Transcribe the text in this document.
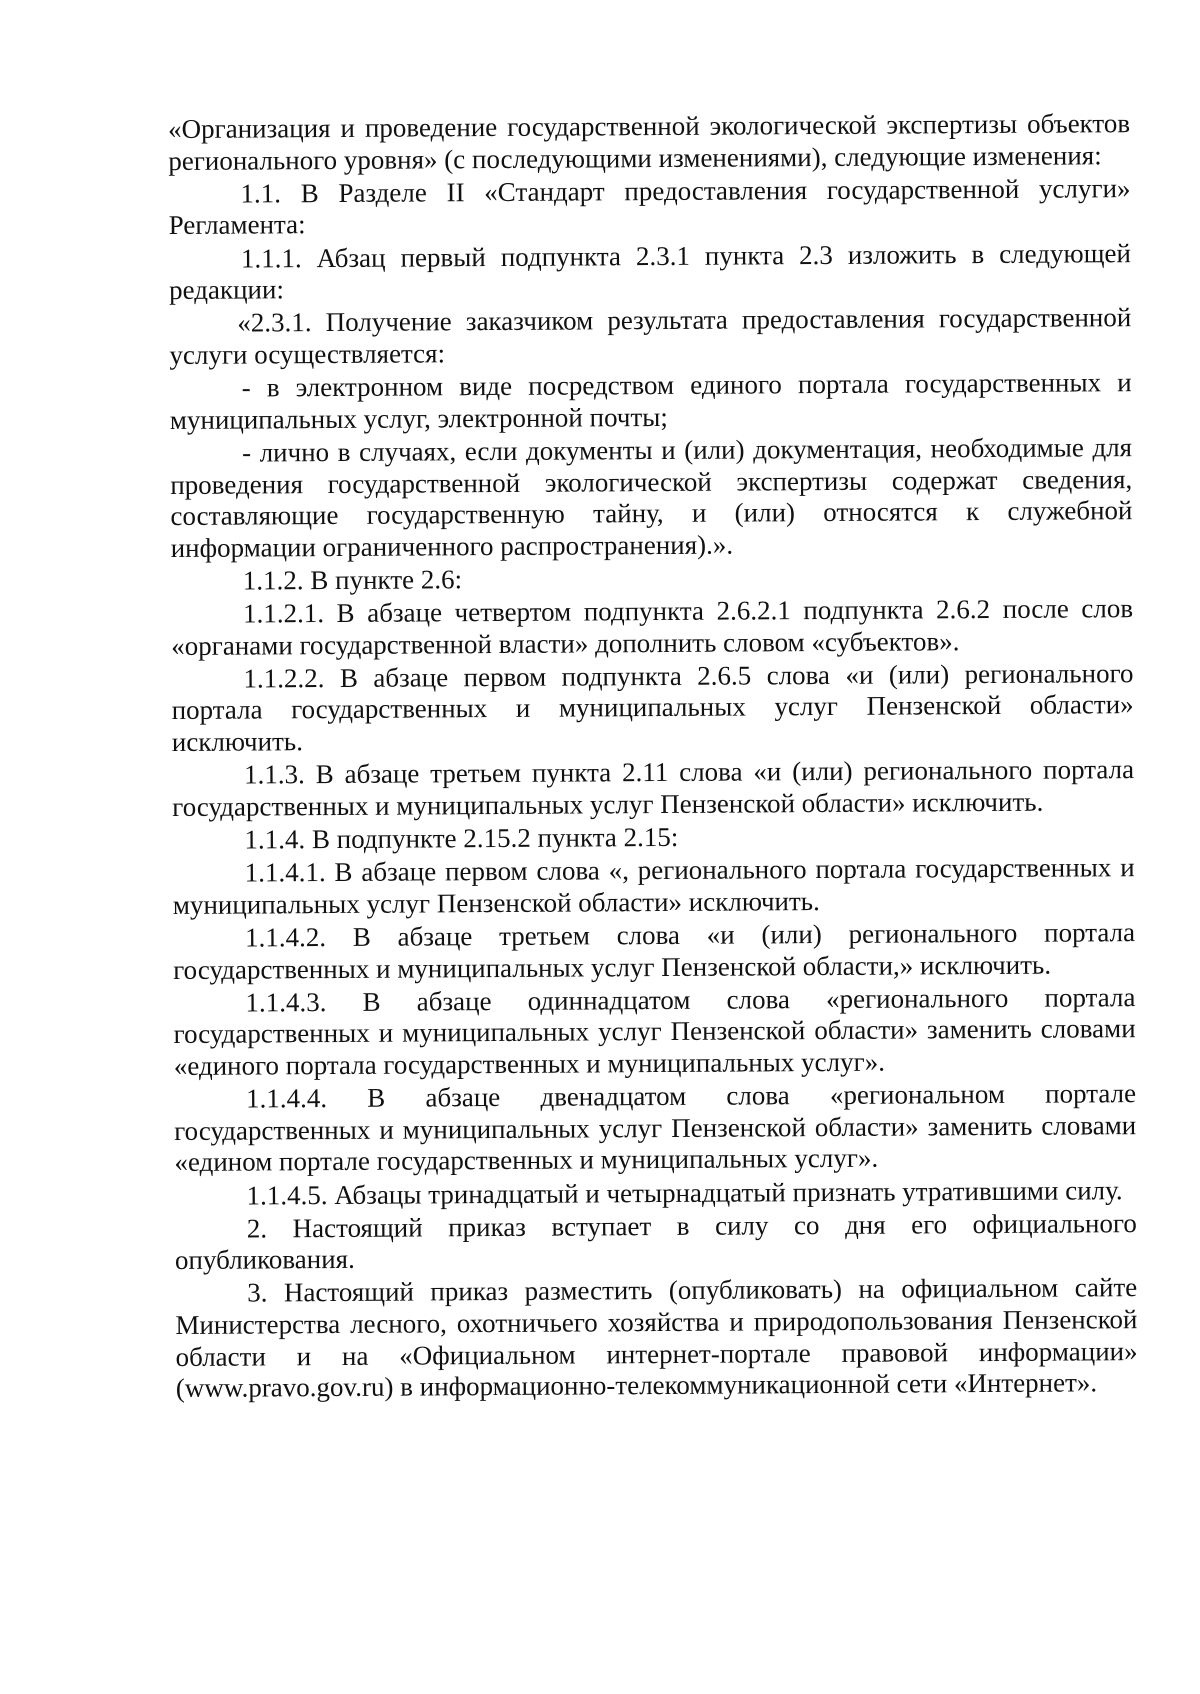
«Организация и проведение государственной экологической экспертизы объектов регионального уровня» (с последующими изменениями), следующие изменения:

1.1. В Разделе II «Стандарт предоставления государственной услуги» Регламента:

1.1.1. Абзац первый подпункта 2.3.1 пункта 2.3 изложить в следующей редакции:

«2.3.1. Получение заказчиком результата предоставления государственной услуги осуществляется:

- в электронном виде посредством единого портала государственных и муниципальных услуг, электронной почты;

- лично в случаях, если документы и (или) документация, необходимые для проведения государственной экологической экспертизы содержат сведения, составляющие государственную тайну, и (или) относятся к служебной информации ограниченного распространения).».

1.1.2. В пункте 2.6:

1.1.2.1. В абзаце четвертом подпункта 2.6.2.1 подпункта 2.6.2 после слов «органами государственной власти» дополнить словом «субъектов».

1.1.2.2. В абзаце первом подпункта 2.6.5 слова «и (или) регионального портала государственных и муниципальных услуг Пензенской области» исключить.

1.1.3. В абзаце третьем пункта 2.11 слова «и (или) регионального портала государственных и муниципальных услуг Пензенской области» исключить.

1.1.4. В подпункте 2.15.2 пункта 2.15:

1.1.4.1. В абзаце первом слова «, регионального портала государственных и муниципальных услуг Пензенской области» исключить.

1.1.4.2. В абзаце третьем слова «и (или) регионального портала государственных и муниципальных услуг Пензенской области,» исключить.

1.1.4.3. В абзаце одиннадцатом слова «регионального портала государственных и муниципальных услуг Пензенской области» заменить словами «единого портала государственных и муниципальных услуг».

1.1.4.4. В абзаце двенадцатом слова «региональном портале государственных и муниципальных услуг Пензенской области» заменить словами «едином портале государственных и муниципальных услуг».

1.1.4.5. Абзацы тринадцатый и четырнадцатый признать утратившими силу.

2. Настоящий приказ вступает в силу со дня его официального опубликования.

3. Настоящий приказ разместить (опубликовать) на официальном сайте Министерства лесного, охотничьего хозяйства и природопользования Пензенской области и на «Официальном интернет-портале правовой информации» (www.pravo.gov.ru) в информационно-телекоммуникационной сети «Интернет».
